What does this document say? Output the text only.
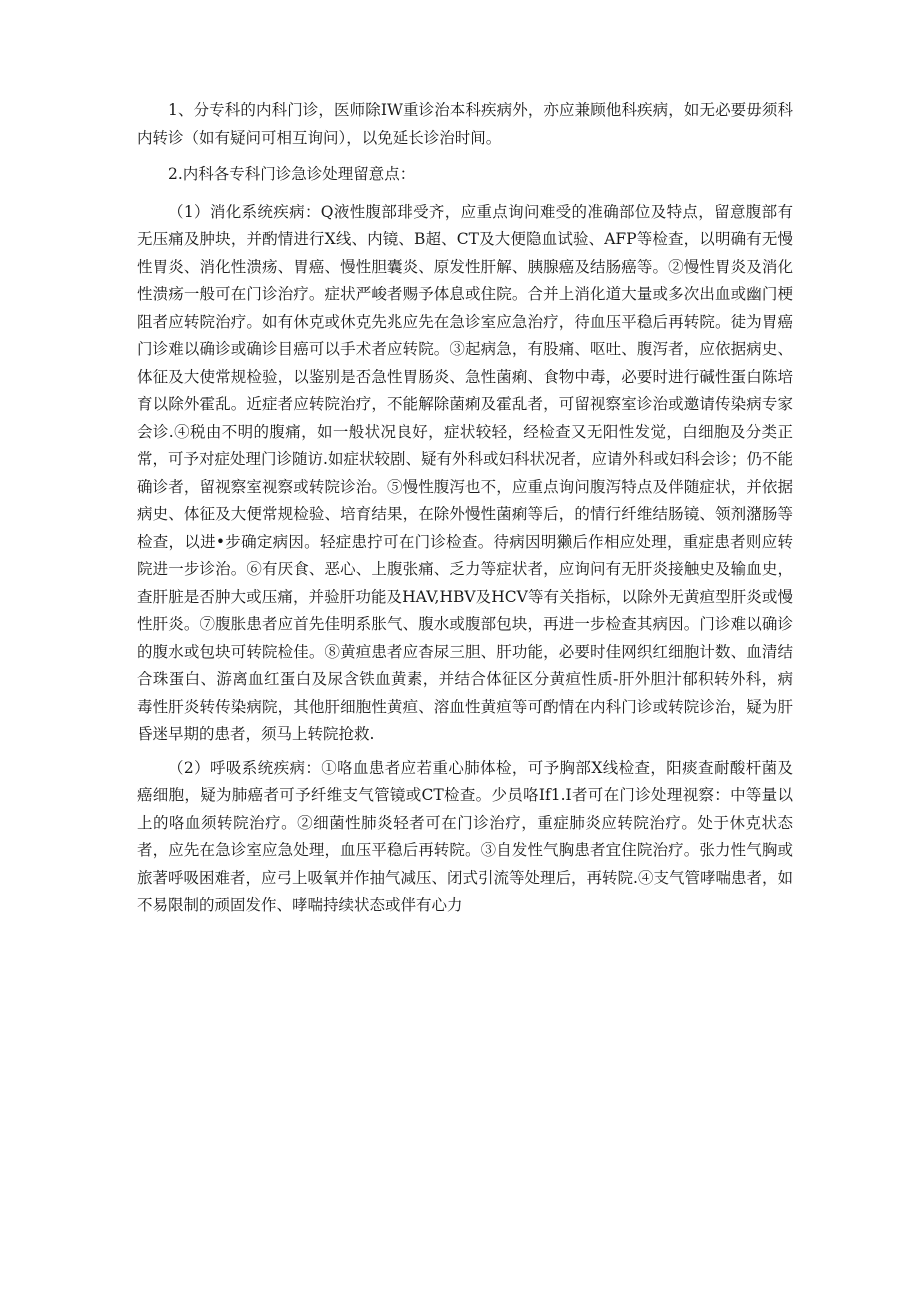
1、分专科的内科门诊，医师除IW重诊治本科疾病外，亦应兼顾他科疾病，如无必要毋须科内转诊（如有疑问可相互询问），以免延长诊治时间。

2.内科各专科门诊急诊处理留意点：

（1）消化系统疾病：Q液性腹部琲受齐，应重点询问难受的准确部位及特点，留意腹部有无压痛及肿块，并酌情进行X线、内镜、B超、CT及大便隐血试验、AFP等检查，以明确有无慢性胃炎、消化性溃疡、胃癌、慢性胆囊炎、原发性肝解、胰腺癌及结肠癌等。②慢性胃炎及消化性溃疡一般可在门诊治疗。症状严峻者赐予体息或住院。合并上消化道大量或多次出血或幽门梗阻者应转院治疗。如有休克或休克先兆应先在急诊室应急治疗，待血压平稳后再转院。徒为胃癌门诊难以确诊或确诊目癌可以手术者应转院。③起病急，有股痛、呕吐、腹泻者，应依据病史、体征及大使常规检验，以鉴别是否急性胃肠炎、急性菌痢、食物中毒，必要时进行碱性蛋白陈培育以除外霍乱。近症者应转院治疗，不能解除菌痢及霍乱者，可留视察室诊治或邀请传染病专家会诊.④税由不明的腹痛，如一般状况良好，症状较轻，经检查又无阳性发觉，白细胞及分类正常，可予对症处理门诊随访.如症状较剧、疑有外科或妇科状况者，应请外科或妇科会诊；仍不能确诊者，留视察室视察或转院诊治。⑤慢性腹泻也不，应重点询问腹泻特点及伴随症状，并依据病史、体征及大便常规检验、培育结果，在除外慢性菌痢等后，的情行纤维结肠镜、领剂潴肠等检查，以进•步确定病因。轻症患拧可在门诊检查。待病因明獭后作相应处理，重症患者则应转院进一步诊治。⑥有厌食、恶心、上腹张痛、乏力等症状者，应询问有无肝炎接触史及输血史，查肝脏是否肿大或压痛，并验肝功能及HAV,HBV及HCV等有关指标，以除外无黄疸型肝炎或慢性肝炎。⑦腹胀患者应首先佳明系胀气、腹水或腹部包块，再进一步检查其病因。门诊难以确诊的腹水或包块可转院检佳。⑧黄疸患者应杳尿三胆、肝功能，必要时佳网织红细胞计数、血清结合珠蛋白、游离血红蛋白及尿含铁血黄素，并结合体征区分黄疸性质-肝外胆汁郁积转外科，病毒性肝炎转传染病院，其他肝细胞性黄疸、溶血性黄疸等可酌情在内科门诊或转院诊治，疑为肝昏迷早期的患者，须马上转院抢救.

（2）呼吸系统疾病：①咯血患者应若重心肺体检，可予胸部X线检查，阳痰查耐酸杆菌及癌细胞，疑为肺癌者可予纤维支气管镜或CT检查。少员咯If1.I者可在门诊处理视察：中等量以上的咯血须转院治疗。②细菌性肺炎轻者可在门诊治疗，重症肺炎应转院治疗。处于休克状态者，应先在急诊室应急处理，血压平稳后再转院。③自发性气胸患者宜住院治疗。张力性气胸或旅著呼吸困难者，应弓上吸氧并作抽气减压、闭式引流等处理后，再转院.④支气管哮喘患者，如不易限制的顽固发作、哮喘持续状态或伴有心力
